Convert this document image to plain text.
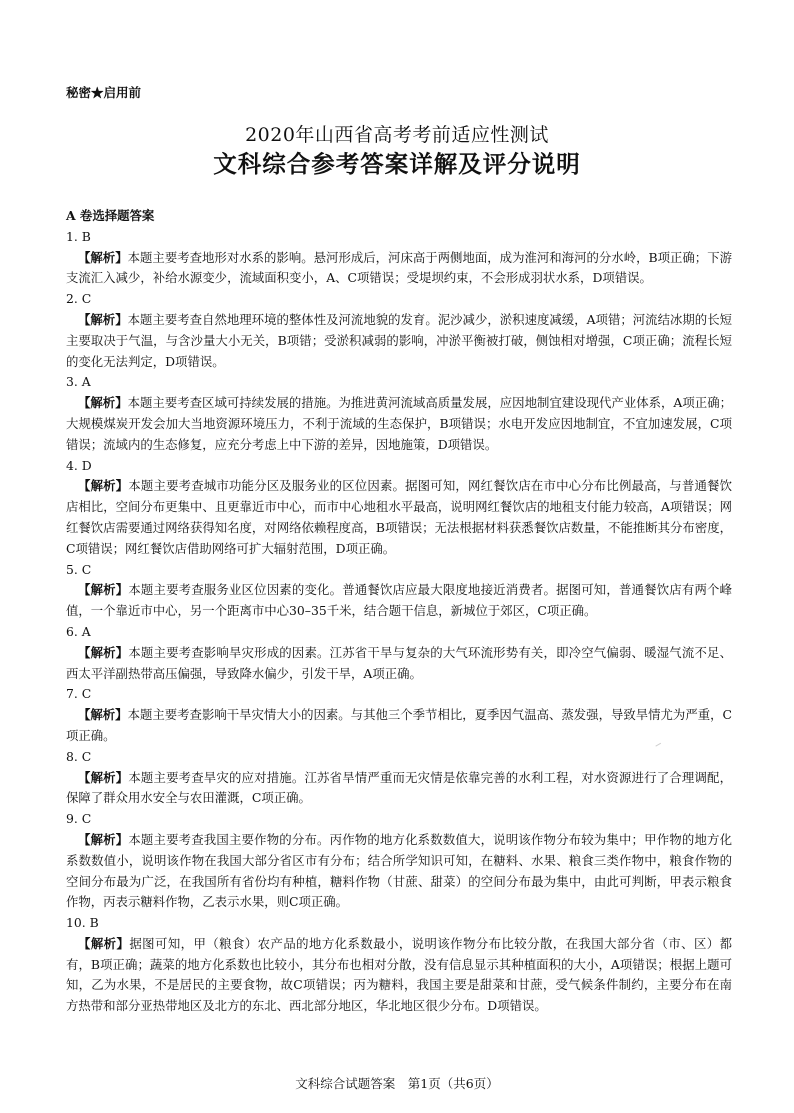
秘密★启用前
2020年山西省高考考前适应性测试
文科综合参考答案详解及评分说明
A 卷选择题答案
1. B
【解析】本题主要考查地形对水系的影响。悬河形成后，河床高于两侧地面，成为淮河和海河的分水岭，B项正确；下游支流汇入减少，补给水源变少，流域面积变小，A、C项错误；受堤坝约束，不会形成羽状水系，D项错误。
2. C
【解析】本题主要考查自然地理环境的整体性及河流地貌的发育。泥沙减少，淤积速度减缓，A项错；河流结冰期的长短主要取决于气温，与含沙量大小无关，B项错；受淤积减弱的影响，冲淤平衡被打破，侧蚀相对增强，C项正确；流程长短的变化无法判定，D项错误。
3. A
【解析】本题主要考查区域可持续发展的措施。为推进黄河流域高质量发展，应因地制宜建设现代产业体系，A项正确；大规模煤炭开发会加大当地资源环境压力，不利于流域的生态保护，B项错误；水电开发应因地制宜，不宜加速发展，C项错误；流域内的生态修复，应充分考虑上中下游的差异，因地施策，D项错误。
4. D
【解析】本题主要考查城市功能分区及服务业的区位因素。据图可知，网红餐饮店在市中心分布比例最高，与普通餐饮店相比，空间分布更集中、且更靠近市中心，而市中心地租水平最高，说明网红餐饮店的地租支付能力较高，A项错误；网红餐饮店需要通过网络获得知名度，对网络依赖程度高，B项错误；无法根据材料获悉餐饮店数量，不能推断其分布密度，C项错误；网红餐饮店借助网络可扩大辐射范围，D项正确。
5. C
【解析】本题主要考查服务业区位因素的变化。普通餐饮店应最大限度地接近消费者。据图可知，普通餐饮店有两个峰值，一个靠近市中心，另一个距离市中心30–35千米，结合题干信息，新城位于郊区，C项正确。
6. A
【解析】本题主要考查影响旱灾形成的因素。江苏省干旱与复杂的大气环流形势有关，即冷空气偏弱、暖湿气流不足、西太平洋副热带高压偏强，导致降水偏少，引发干旱，A项正确。
7. C
【解析】本题主要考查影响干旱灾情大小的因素。与其他三个季节相比，夏季因气温高、蒸发强，导致旱情尤为严重，C项正确。
8. C
【解析】本题主要考查旱灾的应对措施。江苏省旱情严重而无灾情是依靠完善的水利工程，对水资源进行了合理调配，保障了群众用水安全与农田灌溉，C项正确。
9. C
【解析】本题主要考查我国主要作物的分布。丙作物的地方化系数数值大，说明该作物分布较为集中；甲作物的地方化系数数值小，说明该作物在我国大部分省区市有分布；结合所学知识可知，在糖料、水果、粮食三类作物中，粮食作物的空间分布最为广泛，在我国所有省份均有种植，糖料作物（甘蔗、甜菜）的空间分布最为集中，由此可判断，甲表示粮食作物，丙表示糖料作物，乙表示水果，则C项正确。
10. B
【解析】据图可知，甲（粮食）农产品的地方化系数最小，说明该作物分布比较分散，在我国大部分省（市、区）都有，B项正确；蔬菜的地方化系数也比较小，其分布也相对分散，没有信息显示其种植面积的大小，A项错误；根据上题可知，乙为水果，不是居民的主要食物，故C项错误；丙为糖料，我国主要是甜菜和甘蔗，受气候条件制约，主要分布在南方热带和部分亚热带地区及北方的东北、西北部分地区，华北地区很少分布。D项错误。
文科综合试题答案　第1页（共6页）
